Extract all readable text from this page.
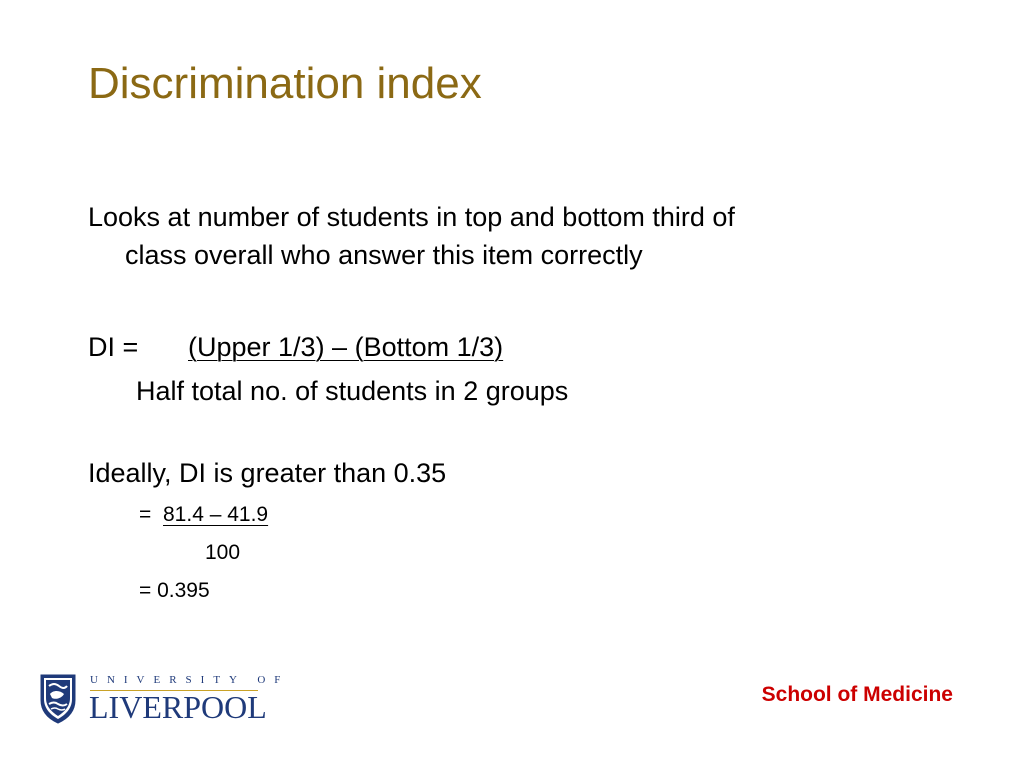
Discrimination index
Looks at number of students in top and bottom third of
class overall who answer this item correctly
DI = (Upper 1/3) – (Bottom 1/3)
Half total no. of students in 2 groups
Ideally, DI is greater than 0.35
= 81.4 – 41.9
100
= 0.395
UNIVERSITY OF
LIVERPOOL	School of Medicine
